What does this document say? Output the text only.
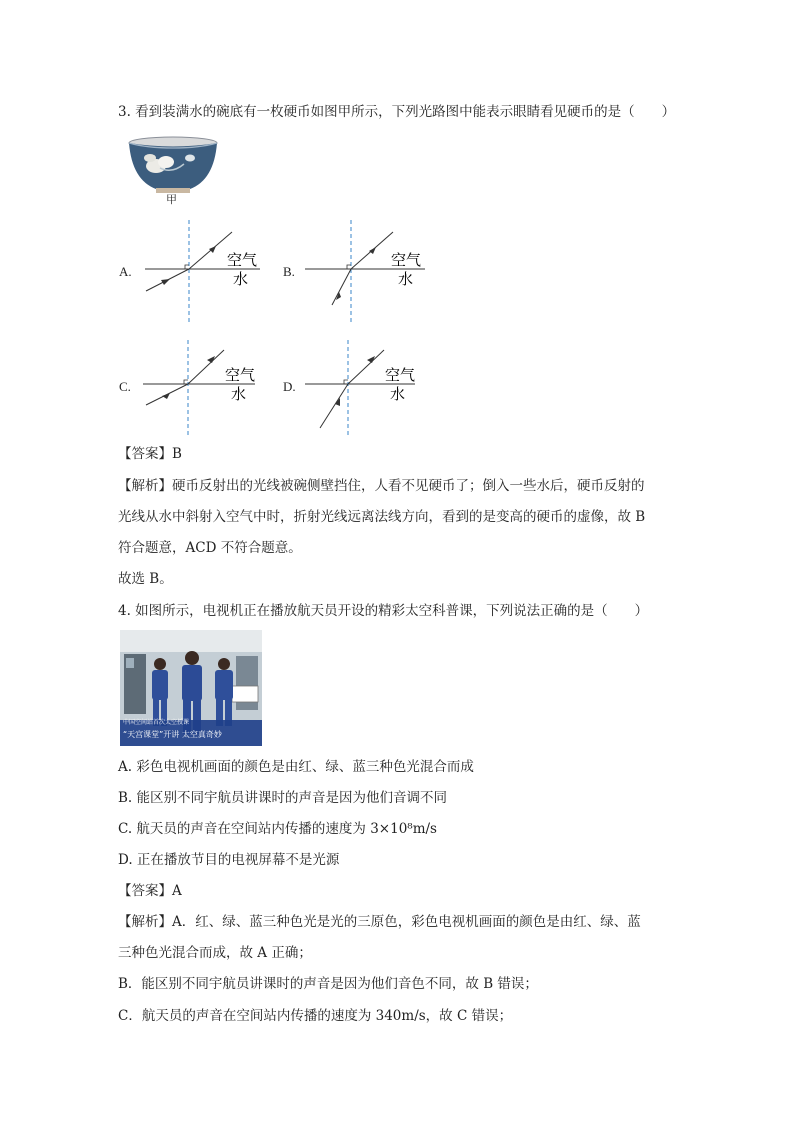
3. 看到装满水的碗底有一枚硬币如图甲所示，下列光路图中能表示眼睛看见硬币的是（　　）
甲
A.
空气
水	B.
空气
水
C.
空气
水	D.
空气
水
【答案】B
【解析】硬币反射出的光线被碗侧壁挡住，人看不见硬币了；倒入一些水后，硬币反射的
光线从水中斜射入空气中时，折射光线远离法线方向，看到的是变高的硬币的虚像，故 B
符合题意，ACD 不符合题意。
故选 B。
4. 如图所示，电视机正在播放航天员开设的精彩太空科普课，下列说法正确的是（　　）
中国空间站首次太空授课
“天宫课堂”开讲 太空真奇妙
A. 彩色电视机画面的颜色是由红、绿、蓝三种色光混合而成
B. 能区别不同宇航员讲课时的声音是因为他们音调不同
C. 航天员的声音在空间站内传播的速度为 3×10⁸m/s
D. 正在播放节目的电视屏幕不是光源
【答案】A
【解析】A．红、绿、蓝三种色光是光的三原色，彩色电视机画面的颜色是由红、绿、蓝
三种色光混合而成，故 A 正确；
B．能区别不同宇航员讲课时的声音是因为他们音色不同，故 B 错误；
C．航天员的声音在空间站内传播的速度为 340m/s，故 C 错误；
